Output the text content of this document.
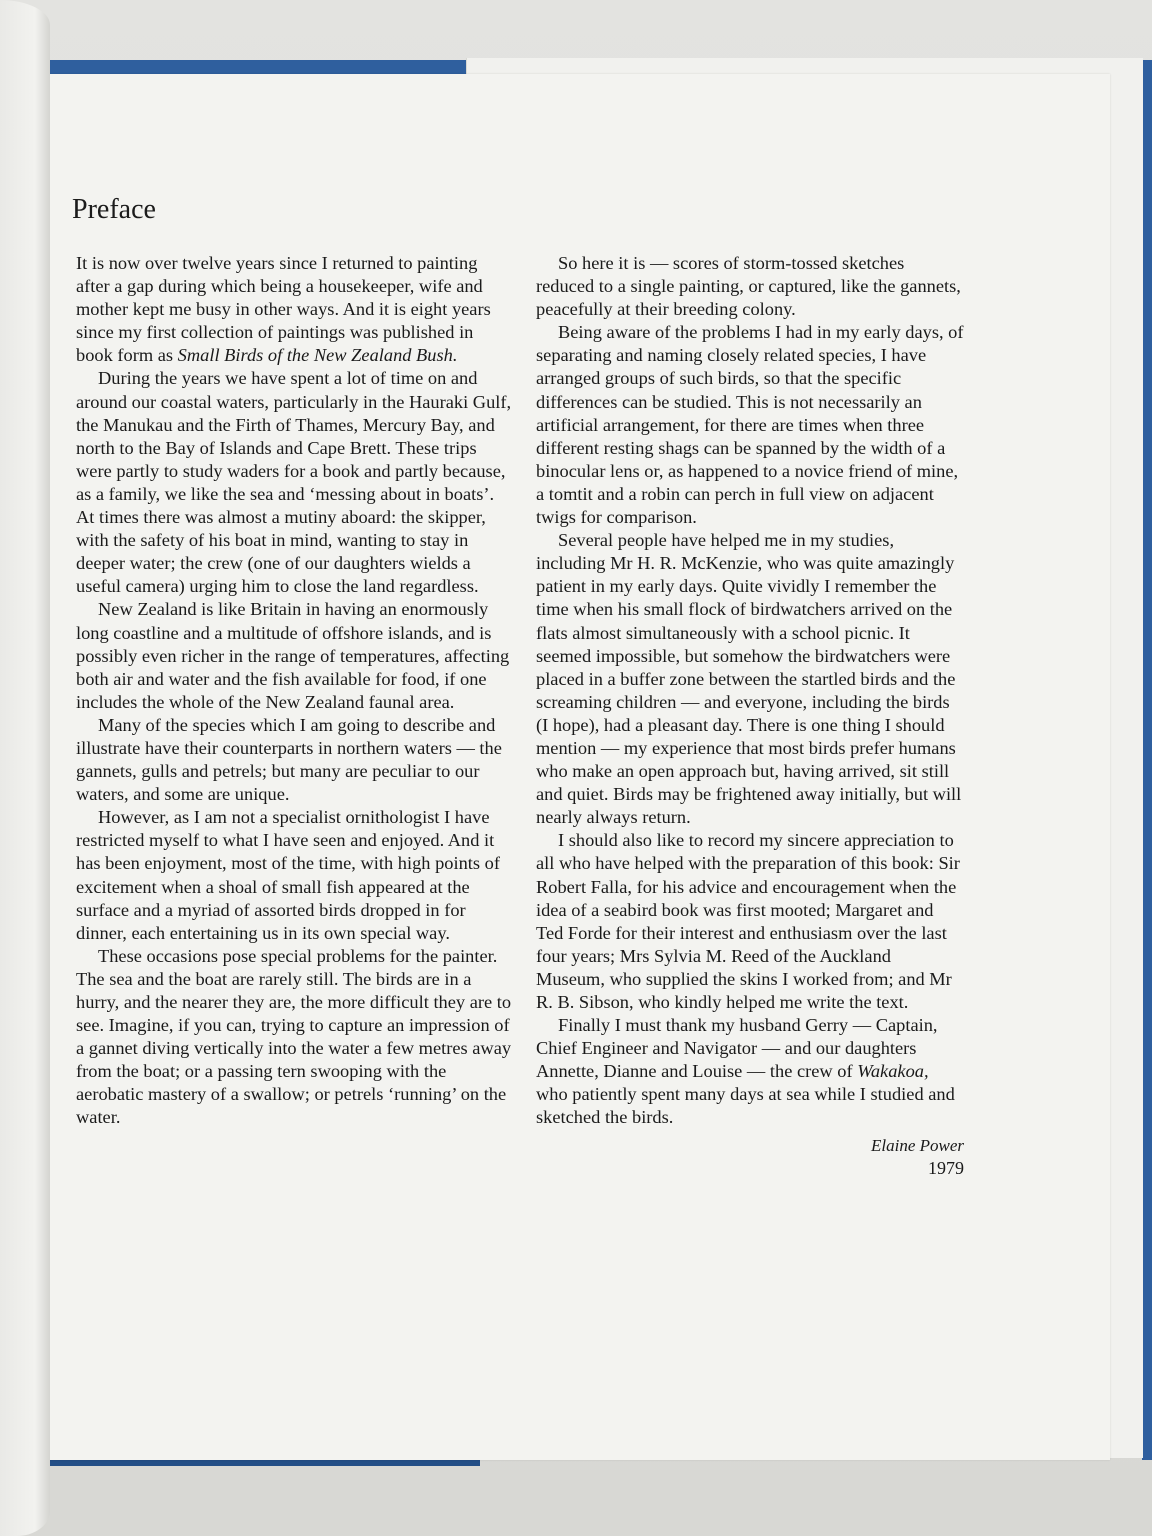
Preface

It is now over twelve years since I returned to painting after a gap during which being a housekeeper, wife and mother kept me busy in other ways. And it is eight years since my first collection of paintings was published in book form as Small Birds of the New Zealand Bush.

During the years we have spent a lot of time on and around our coastal waters, particularly in the Hauraki Gulf, the Manukau and the Firth of Thames, Mercury Bay, and north to the Bay of Islands and Cape Brett. These trips were partly to study waders for a book and partly because, as a family, we like the sea and ‘messing about in boats’. At times there was almost a mutiny aboard: the skipper, with the safety of his boat in mind, wanting to stay in deeper water; the crew (one of our daughters wields a useful camera) urging him to close the land regardless.

New Zealand is like Britain in having an enormously long coastline and a multitude of offshore islands, and is possibly even richer in the range of temperatures, affecting both air and water and the fish available for food, if one includes the whole of the New Zealand faunal area.

Many of the species which I am going to describe and illustrate have their counterparts in northern waters — the gannets, gulls and petrels; but many are peculiar to our waters, and some are unique.

However, as I am not a specialist ornithologist I have restricted myself to what I have seen and enjoyed. And it has been enjoyment, most of the time, with high points of excitement when a shoal of small fish appeared at the surface and a myriad of assorted birds dropped in for dinner, each entertaining us in its own special way.

These occasions pose special problems for the painter. The sea and the boat are rarely still. The birds are in a hurry, and the nearer they are, the more difficult they are to see. Imagine, if you can, trying to capture an impression of a gannet diving vertically into the water a few metres away from the boat; or a passing tern swooping with the aerobatic mastery of a swallow; or petrels ‘running’ on the water.

So here it is — scores of storm-tossed sketches reduced to a single painting, or captured, like the gannets, peacefully at their breeding colony.

Being aware of the problems I had in my early days, of separating and naming closely related species, I have arranged groups of such birds, so that the specific differences can be studied. This is not necessarily an artificial arrangement, for there are times when three different resting shags can be spanned by the width of a binocular lens or, as happened to a novice friend of mine, a tomtit and a robin can perch in full view on adjacent twigs for comparison.

Several people have helped me in my studies, including Mr H. R. McKenzie, who was quite amazingly patient in my early days. Quite vividly I remember the time when his small flock of birdwatchers arrived on the flats almost simultaneously with a school picnic. It seemed impossible, but somehow the birdwatchers were placed in a buffer zone between the startled birds and the screaming children — and everyone, including the birds (I hope), had a pleasant day. There is one thing I should mention — my experience that most birds prefer humans who make an open approach but, having arrived, sit still and quiet. Birds may be frightened away initially, but will nearly always return.

I should also like to record my sincere appreciation to all who have helped with the preparation of this book: Sir Robert Falla, for his advice and encouragement when the idea of a seabird book was first mooted; Margaret and Ted Forde for their interest and enthusiasm over the last four years; Mrs Sylvia M. Reed of the Auckland Museum, who supplied the skins I worked from; and Mr R. B. Sibson, who kindly helped me write the text.

Finally I must thank my husband Gerry — Captain, Chief Engineer and Navigator — and our daughters Annette, Dianne and Louise — the crew of Wakakoa, who patiently spent many days at sea while I studied and sketched the birds.

Elaine Power
1979
